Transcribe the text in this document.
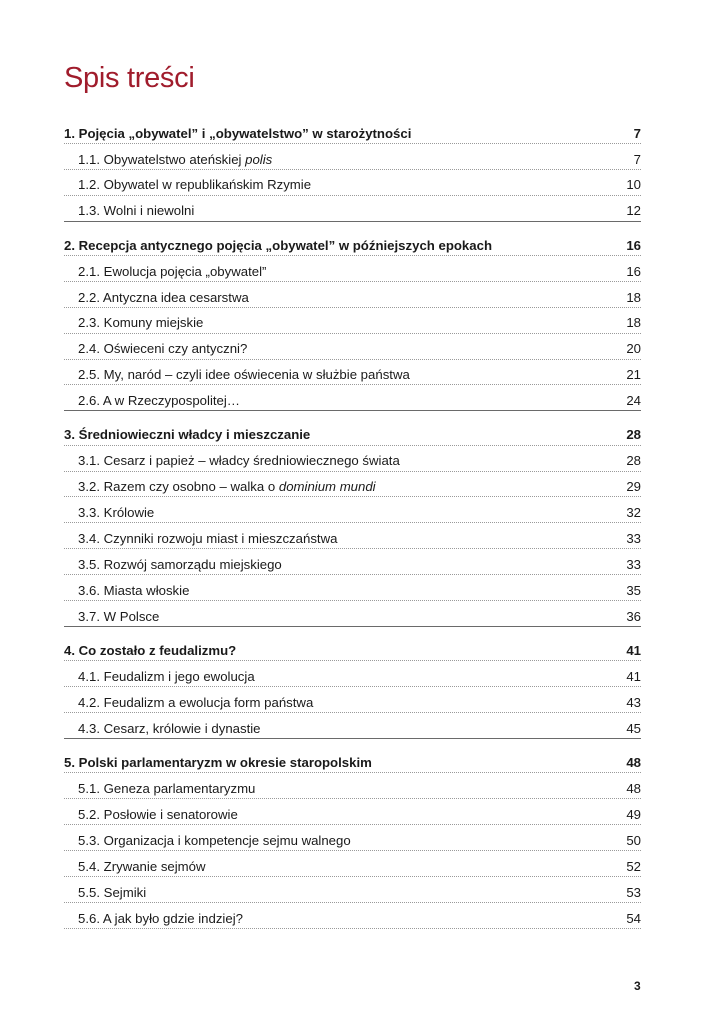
Spis treści
1. Pojęcia „obywatel” i „obywatelstwo” w starożytności	7
1.1. Obywatelstwo ateńskiej polis	7
1.2. Obywatel w republikańskim Rzymie	10
1.3. Wolni i niewolni	12
2. Recepcja antycznego pojęcia „obywatel” w późniejszych epokach	16
2.1. Ewolucja pojęcia „obywatel”	16
2.2. Antyczna idea cesarstwa	18
2.3. Komuny miejskie	18
2.4. Oświeceni czy antyczni?	20
2.5. My, naród – czyli idee oświecenia w służbie państwa	21
2.6. A w Rzeczypospolitej…	24
3. Średniowieczni władcy i mieszczanie	28
3.1. Cesarz i papież – władcy średniowiecznego świata	28
3.2. Razem czy osobno – walka o dominium mundi	29
3.3. Królowie	32
3.4. Czynniki rozwoju miast i mieszczaństwa	33
3.5. Rozwój samorządu miejskiego	33
3.6. Miasta włoskie	35
3.7. W Polsce	36
4. Co zostało z feudalizmu?	41
4.1. Feudalizm i jego ewolucja	41
4.2. Feudalizm a ewolucja form państwa	43
4.3. Cesarz, królowie i dynastie	45
5. Polski parlamentaryzm w okresie staropolskim	48
5.1. Geneza parlamentaryzmu	48
5.2. Posłowie i senatorowie	49
5.3. Organizacja i kompetencje sejmu walnego	50
5.4. Zrywanie sejmów	52
5.5. Sejmiki	53
5.6. A jak było gdzie indziej?	54
3
